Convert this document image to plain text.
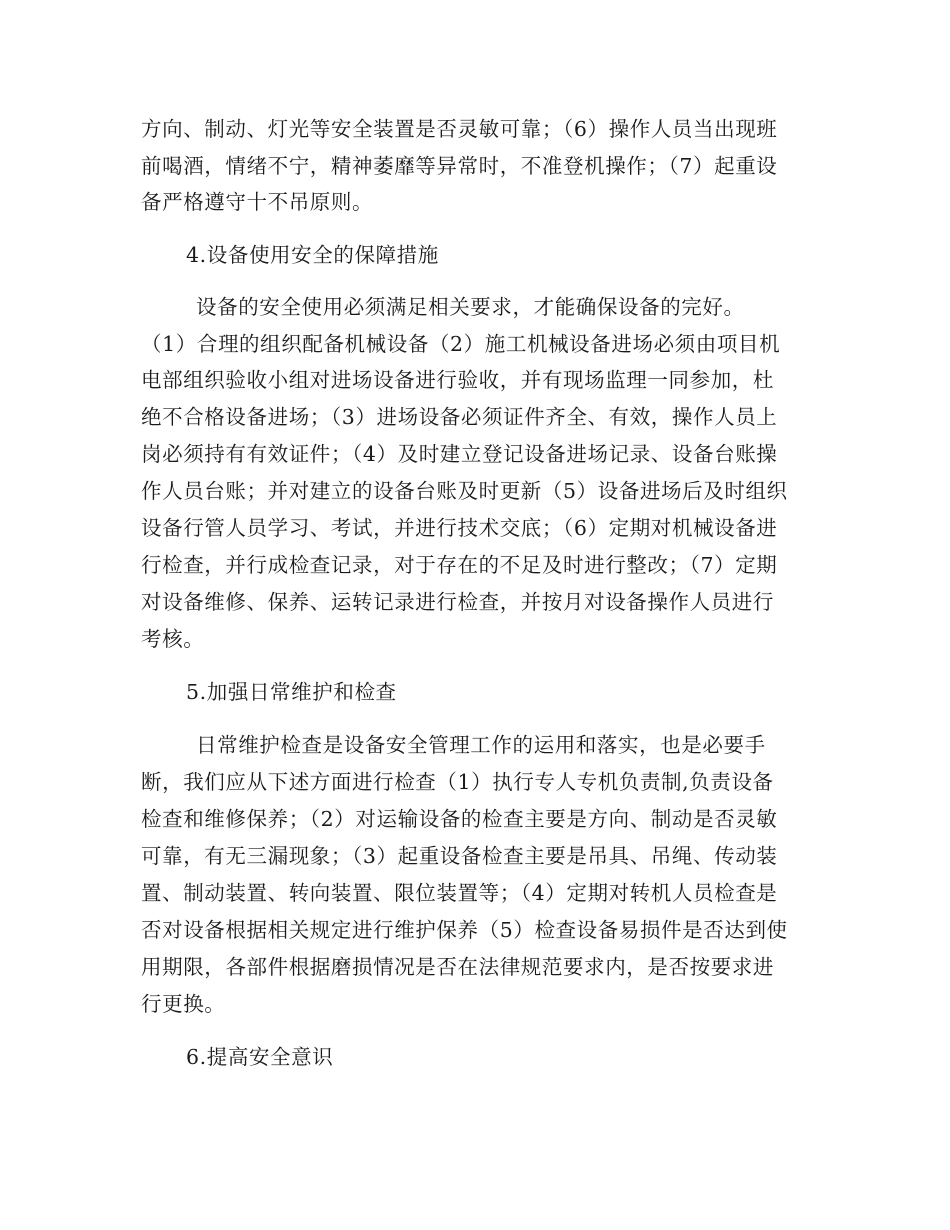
方向、制动、灯光等安全装置是否灵敏可靠；（6）操作人员当出现班
前喝酒，情绪不宁，精神萎靡等异常时，不准登机操作；（7）起重设
备严格遵守十不吊原则。
4.设备使用安全的保障措施
设备的安全使用必须满足相关要求，才能确保设备的完好。
（1）合理的组织配备机械设备（2）施工机械设备进场必须由项目机
电部组织验收小组对进场设备进行验收，并有现场监理一同参加，杜
绝不合格设备进场；（3）进场设备必须证件齐全、有效，操作人员上
岗必须持有有效证件；（4）及时建立登记设备进场记录、设备台账操
作人员台账；并对建立的设备台账及时更新（5）设备进场后及时组织
设备行管人员学习、考试，并进行技术交底；（6）定期对机械设备进
行检查，并行成检查记录，对于存在的不足及时进行整改；（7）定期
对设备维修、保养、运转记录进行检查，并按月对设备操作人员进行
考核。
5.加强日常维护和检查
日常维护检查是设备安全管理工作的运用和落实，也是必要手
断，我们应从下述方面进行检查（1）执行专人专机负责制,负责设备
检查和维修保养；（2）对运输设备的检查主要是方向、制动是否灵敏
可靠，有无三漏现象；（3）起重设备检查主要是吊具、吊绳、传动装
置、制动装置、转向装置、限位装置等；（4）定期对转机人员检查是
否对设备根据相关规定进行维护保养（5）检查设备易损件是否达到使
用期限，各部件根据磨损情况是否在法律规范要求内，是否按要求进
行更换。
6.提高安全意识
